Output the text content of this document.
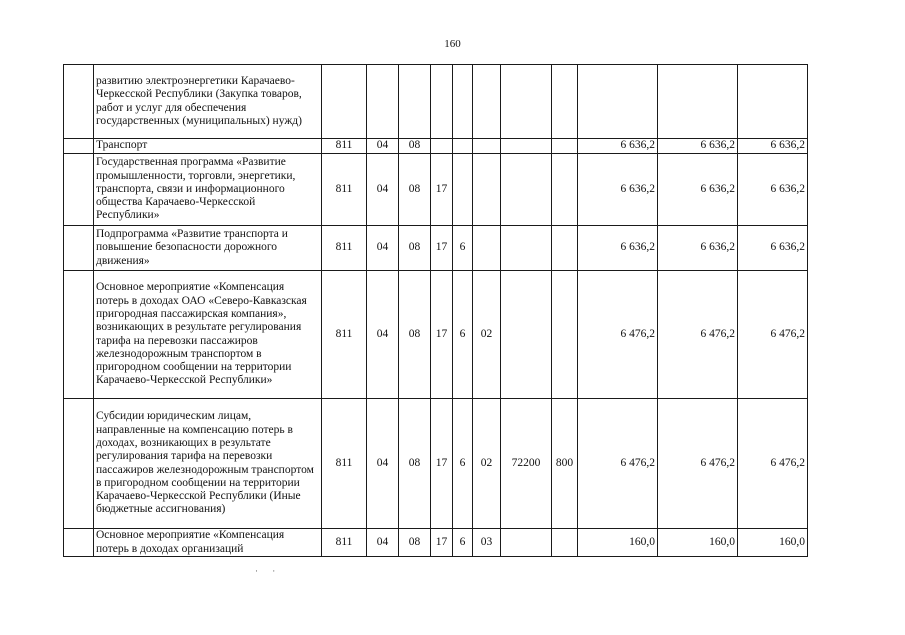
160
	развитию электроэнергетики Карачаево-Черкесской Республики (Закупка товаров, работ и услуг для обеспечения государственных (муниципальных) нужд)											
	Транспорт	811	04	08						6 636,2	6 636,2	6 636,2
	Государственная программа «Развитие промышленности, торговли, энергетики, транспорта, связи и информационного общества Карачаево-Черкесской Республики»	811	04	08	17					6 636,2	6 636,2	6 636,2
	Подпрограмма «Развитие транспорта и повышение безопасности дорожного движения»	811	04	08	17	6				6 636,2	6 636,2	6 636,2
	Основное мероприятие «Компенсация потерь в доходах ОАО «Северо-Кавказская пригородная пассажирская компания», возникающих в результате регулирования тарифа на перевозки пассажиров железнодорожным транспортом в пригородном сообщении на территории Карачаево-Черкесской Республики»	811	04	08	17	6	02			6 476,2	6 476,2	6 476,2
	Субсидии юридическим лицам, направленные на компенсацию потерь в доходах, возникающих в результате регулирования тарифа на перевозки пассажиров железнодорожным транспортом в пригородном сообщении на территории Карачаево-Черкесской Республики (Иные бюджетные ассигнования)	811	04	08	17	6	02	72200	800	6 476,2	6 476,2	6 476,2
	Основное мероприятие «Компенсация потерь в доходах организаций	811	04	08	17	6	03			160,0	160,0	160,0
· ·
